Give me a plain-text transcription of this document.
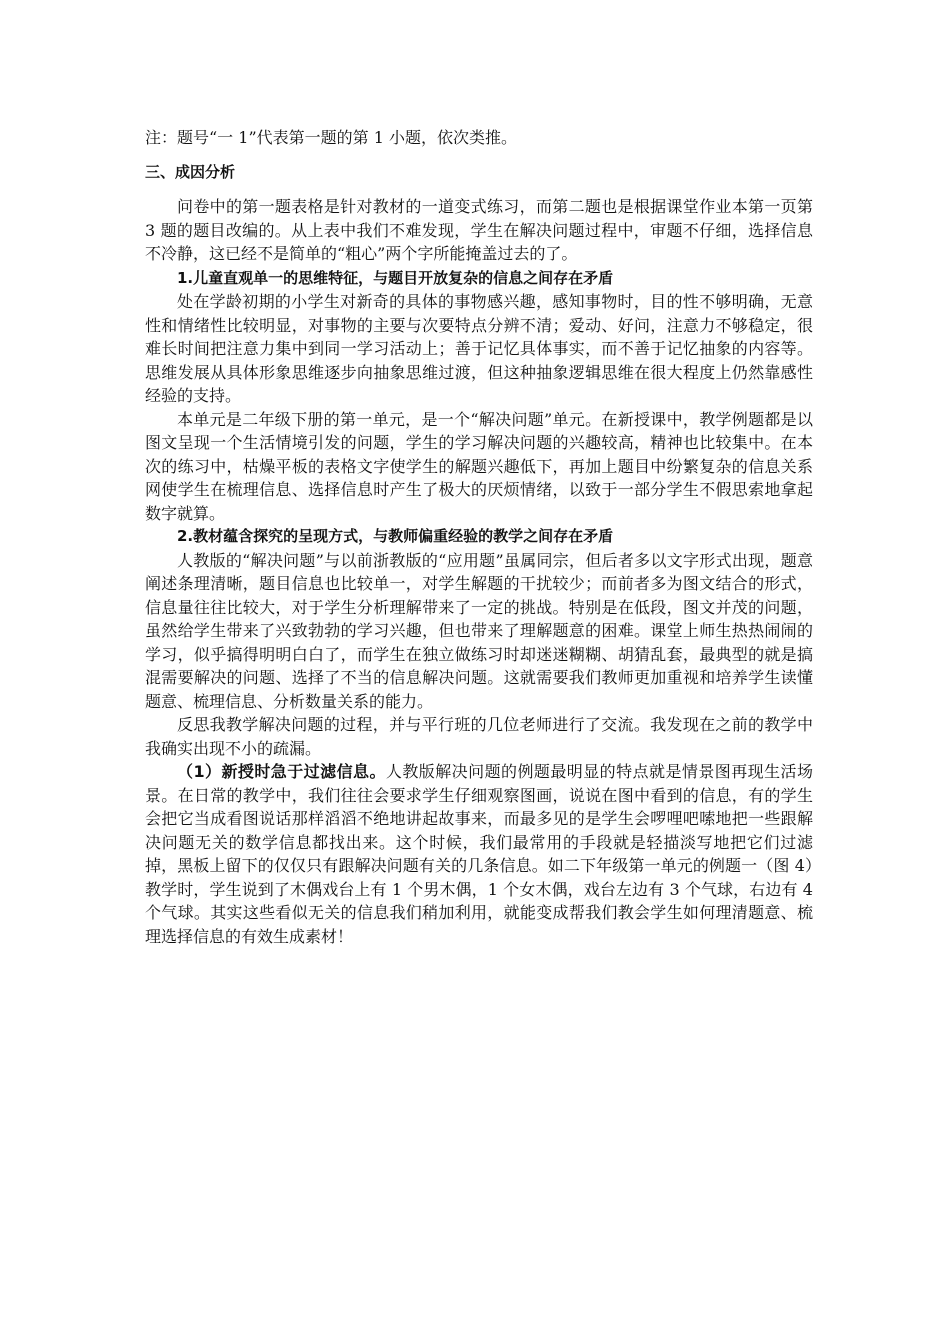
注：题号“一 1”代表第一题的第 1 小题，依次类推。

三、成因分析

问卷中的第一题表格是针对教材的一道变式练习，而第二题也是根据课堂作业本第一页第 3 题的题目改编的。从上表中我们不难发现，学生在解决问题过程中，审题不仔细，选择信息不冷静，这已经不是简单的“粗心”两个字所能掩盖过去的了。

1.儿童直观单一的思维特征，与题目开放复杂的信息之间存在矛盾

处在学龄初期的小学生对新奇的具体的事物感兴趣，感知事物时，目的性不够明确，无意性和情绪性比较明显，对事物的主要与次要特点分辨不清；爱动、好问，注意力不够稳定，很难长时间把注意力集中到同一学习活动上；善于记忆具体事实，而不善于记忆抽象的内容等。思维发展从具体形象思维逐步向抽象思维过渡，但这种抽象逻辑思维在很大程度上仍然靠感性经验的支持。

本单元是二年级下册的第一单元，是一个“解决问题”单元。在新授课中，教学例题都是以图文呈现一个生活情境引发的问题，学生的学习解决问题的兴趣较高，精神也比较集中。在本次的练习中，枯燥平板的表格文字使学生的解题兴趣低下，再加上题目中纷繁复杂的信息关系网使学生在梳理信息、选择信息时产生了极大的厌烦情绪，以致于一部分学生不假思索地拿起数字就算。

2.教材蕴含探究的呈现方式，与教师偏重经验的教学之间存在矛盾

人教版的“解决问题”与以前浙教版的“应用题”虽属同宗，但后者多以文字形式出现，题意阐述条理清晰，题目信息也比较单一，对学生解题的干扰较少；而前者多为图文结合的形式，信息量往往比较大，对于学生分析理解带来了一定的挑战。特别是在低段，图文并茂的问题，虽然给学生带来了兴致勃勃的学习兴趣，但也带来了理解题意的困难。课堂上师生热热闹闹的学习，似乎搞得明明白白了，而学生在独立做练习时却迷迷糊糊、胡猜乱套，最典型的就是搞混需要解决的问题、选择了不当的信息解决问题。这就需要我们教师更加重视和培养学生读懂题意、梳理信息、分析数量关系的能力。

反思我教学解决问题的过程，并与平行班的几位老师进行了交流。我发现在之前的教学中我确实出现不小的疏漏。

（1）新授时急于过滤信息。人教版解决问题的例题最明显的特点就是情景图再现生活场景。在日常的教学中，我们往往会要求学生仔细观察图画，说说在图中看到的信息，有的学生会把它当成看图说话那样滔滔不绝地讲起故事来，而最多见的是学生会啰哩吧嗦地把一些跟解决问题无关的数学信息都找出来。这个时候，我们最常用的手段就是轻描淡写地把它们过滤掉，黑板上留下的仅仅只有跟解决问题有关的几条信息。如二下年级第一单元的例题一（图 4）教学时，学生说到了木偶戏台上有 1 个男木偶，1 个女木偶，戏台左边有 3 个气球，右边有 4 个气球。其实这些看似无关的信息我们稍加利用，就能变成帮我们教会学生如何理清题意、梳理选择信息的有效生成素材！
